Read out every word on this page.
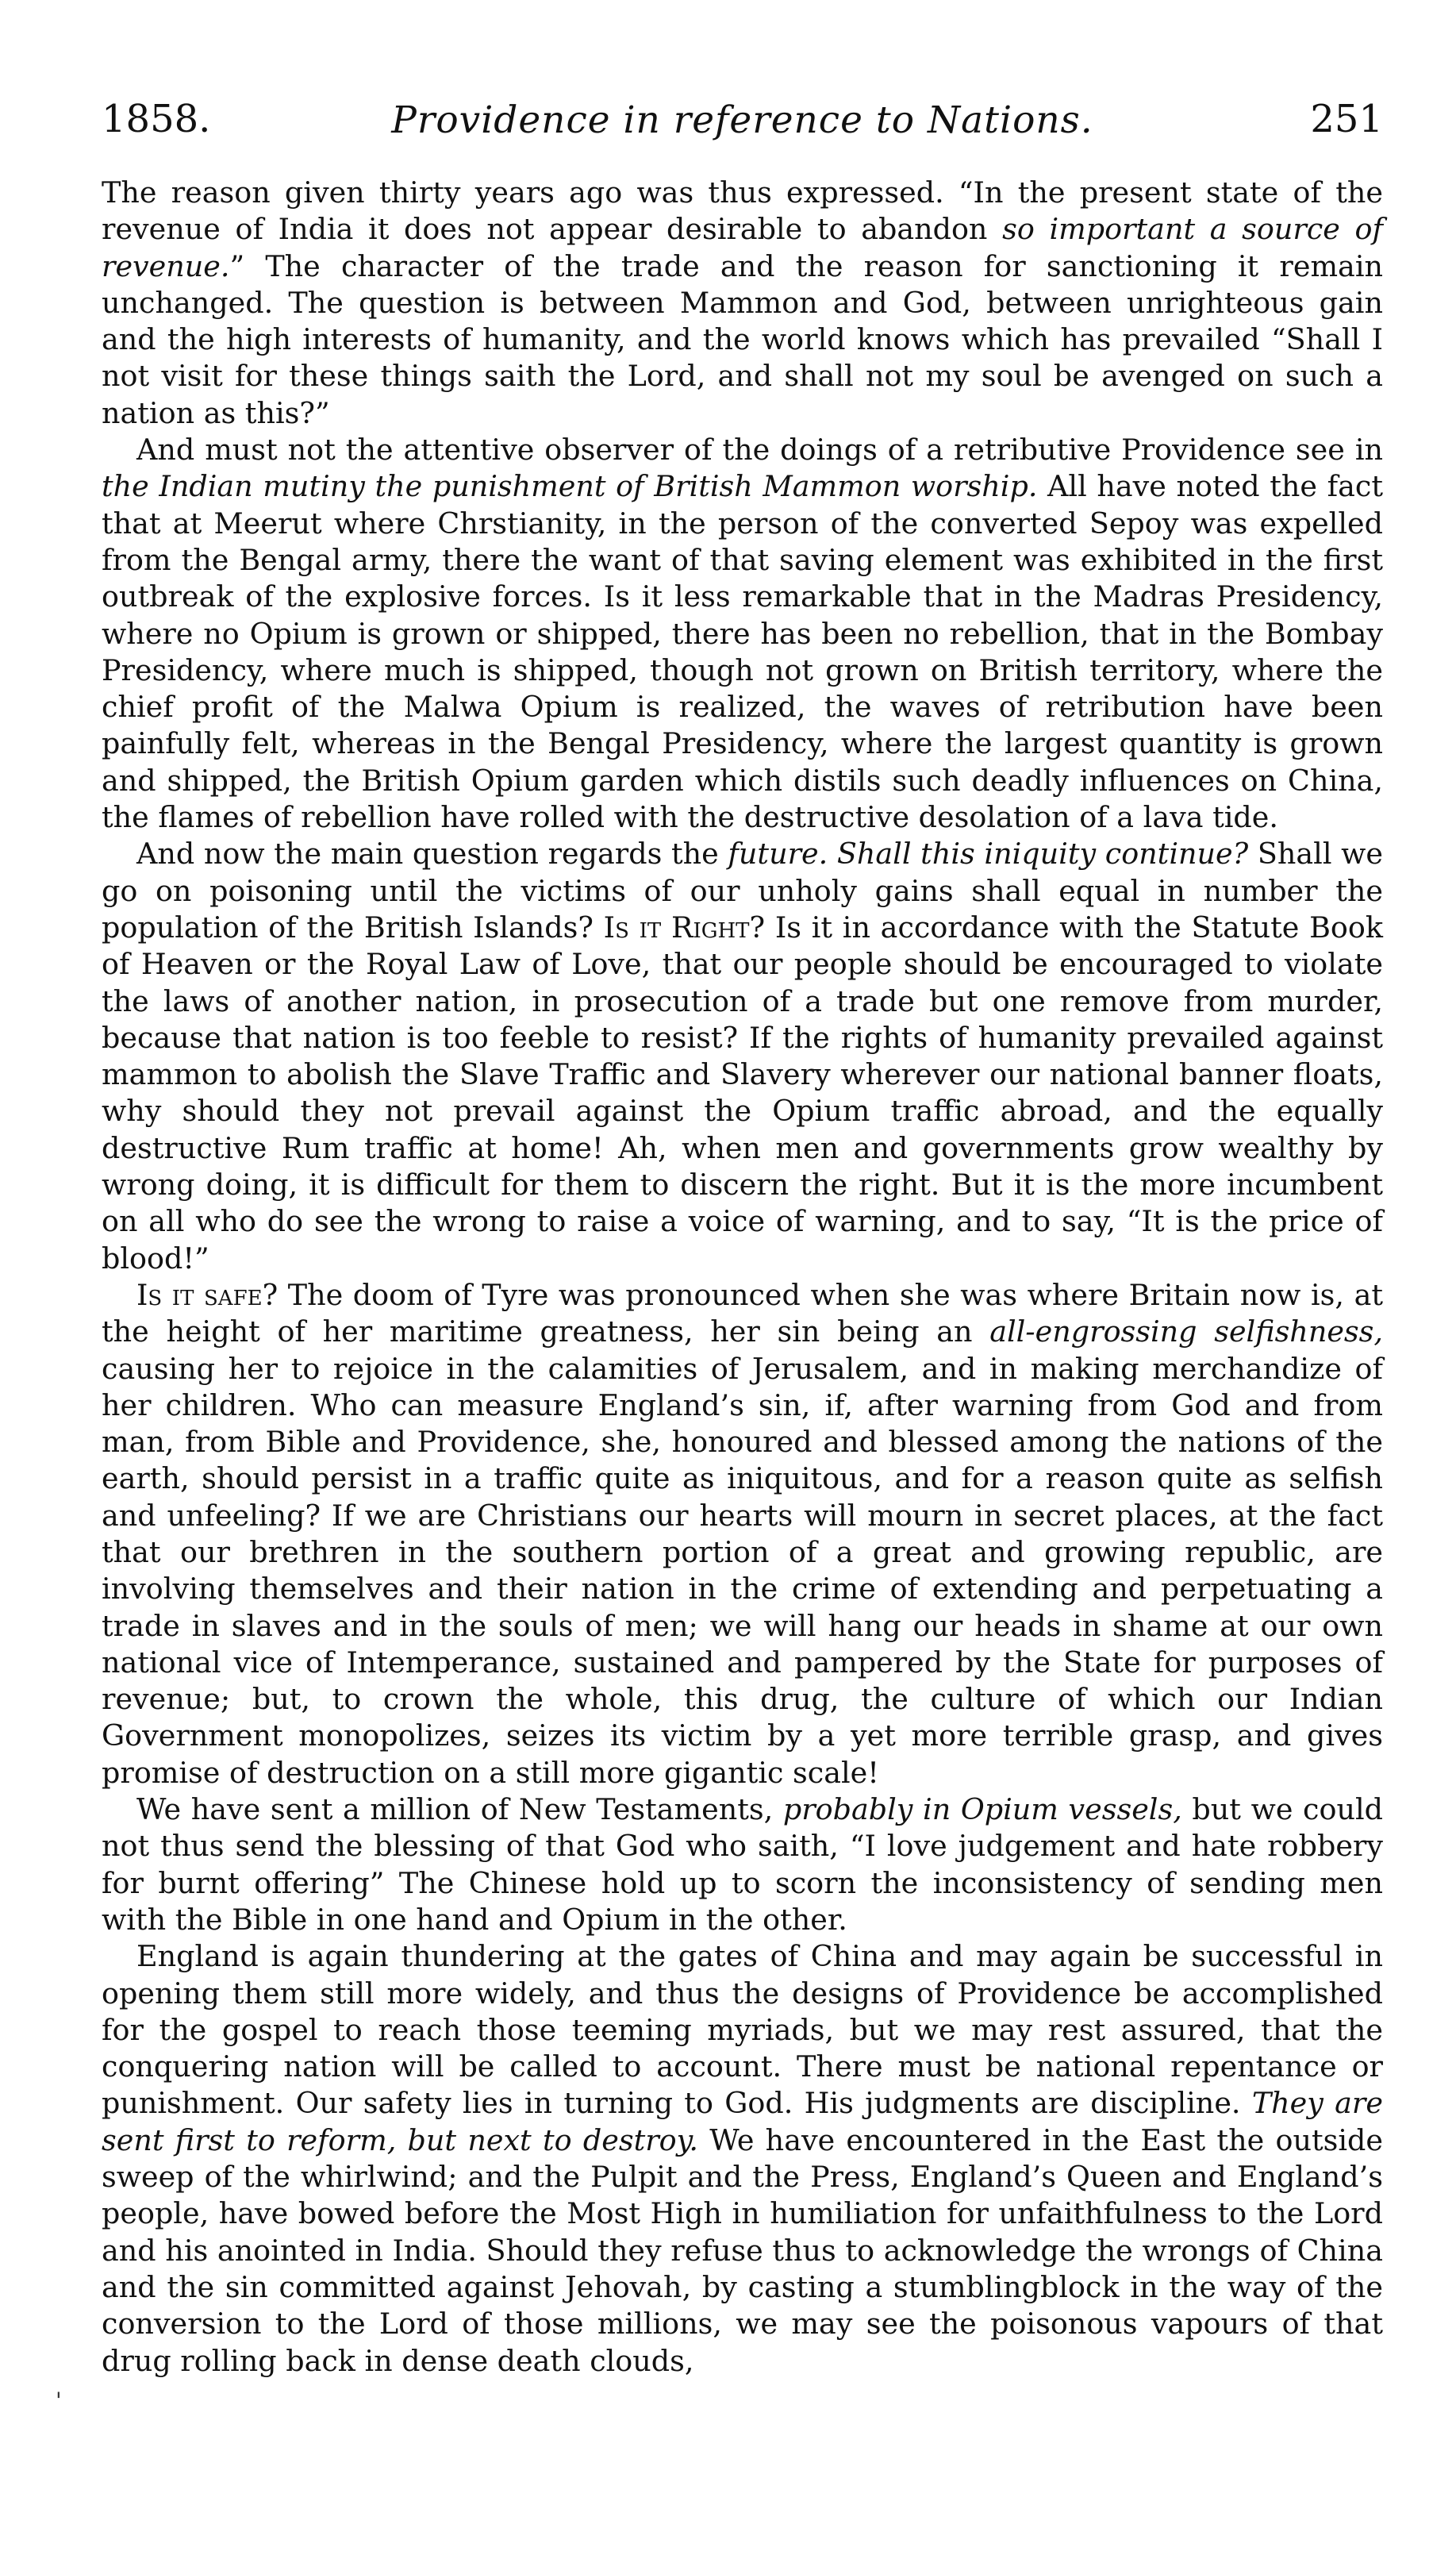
1858.	Providence in reference to Nations.	251

The reason given thirty years ago was thus expressed. “In the present state of the revenue of India it does not appear desirable to abandon so important a source of revenue.” The character of the trade and the reason for sanctioning it remain unchanged. The question is between Mammon and God, between unrighteous gain and the high interests of humanity, and the world knows which has prevailed “Shall I not visit for these things saith the Lord, and shall not my soul be avenged on such a nation as this?”

And must not the attentive observer of the doings of a retributive Providence see in the Indian mutiny the punishment of British Mammon worship. All have noted the fact that at Meerut where Chrstianity, in the person of the converted Sepoy was expelled from the Bengal army, there the want of that saving element was exhibited in the first outbreak of the explosive forces. Is it less remarkable that in the Madras Presidency, where no Opium is grown or shipped, there has been no rebellion, that in the Bombay Presidency, where much is shipped, though not grown on British territory, where the chief profit of the Malwa Opium is realized, the waves of retribution have been painfully felt, whereas in the Bengal Presidency, where the largest quantity is grown and shipped, the British Opium garden which distils such deadly influences on China, the flames of rebellion have rolled with the destructive desolation of a lava tide.

And now the main question regards the future. Shall this iniquity continue? Shall we go on poisoning until the victims of our unholy gains shall equal in number the population of the British Islands? Is it Right? Is it in accordance with the Statute Book of Heaven or the Royal Law of Love, that our people should be encouraged to violate the laws of another nation, in prosecution of a trade but one remove from murder, because that nation is too feeble to resist? If the rights of humanity prevailed against mammon to abolish the Slave Traffic and Slavery wherever our national banner floats, why should they not prevail against the Opium traffic abroad, and the equally destructive Rum traffic at home! Ah, when men and governments grow wealthy by wrong doing, it is difficult for them to discern the right. But it is the more incumbent on all who do see the wrong to raise a voice of warning, and to say, “It is the price of blood!”

Is it safe? The doom of Tyre was pronounced when she was where Britain now is, at the height of her maritime greatness, her sin being an all-engrossing selfishness, causing her to rejoice in the calamities of Jerusalem, and in making merchandize of her children. Who can measure England’s sin, if, after warning from God and from man, from Bible and Providence, she, honoured and blessed among the nations of the earth, should persist in a traffic quite as iniquitous, and for a reason quite as selfish and unfeeling? If we are Christians our hearts will mourn in secret places, at the fact that our brethren in the southern portion of a great and growing republic, are involving themselves and their nation in the crime of extending and perpetuating a trade in slaves and in the souls of men; we will hang our heads in shame at our own national vice of Intemperance, sustained and pampered by the State for purposes of revenue; but, to crown the whole, this drug, the culture of which our Indian Government monopolizes, seizes its victim by a yet more terrible grasp, and gives promise of destruction on a still more gigantic scale!

We have sent a million of New Testaments, probably in Opium vessels, but we could not thus send the blessing of that God who saith, “I love judgement and hate robbery for burnt offering” The Chinese hold up to scorn the inconsistency of sending men with the Bible in one hand and Opium in the other.

England is again thundering at the gates of China and may again be successful in opening them still more widely, and thus the designs of Providence be accomplished for the gospel to reach those teeming myriads, but we may rest assured, that the conquering nation will be called to account. There must be national repentance or punishment. Our safety lies in turning to God. His judgments are discipline. They are sent first to reform, but next to destroy. We have encountered in the East the outside sweep of the whirlwind; and the Pulpit and the Press, England’s Queen and England’s people, have bowed before the Most High in humiliation for unfaithfulness to the Lord and his anointed in India. Should they refuse thus to acknowledge the wrongs of China and the sin committed against Jehovah, by casting a stumblingblock in the way of the conversion to the Lord of those millions, we may see the poisonous vapours of that drug rolling back in dense death clouds,

'
